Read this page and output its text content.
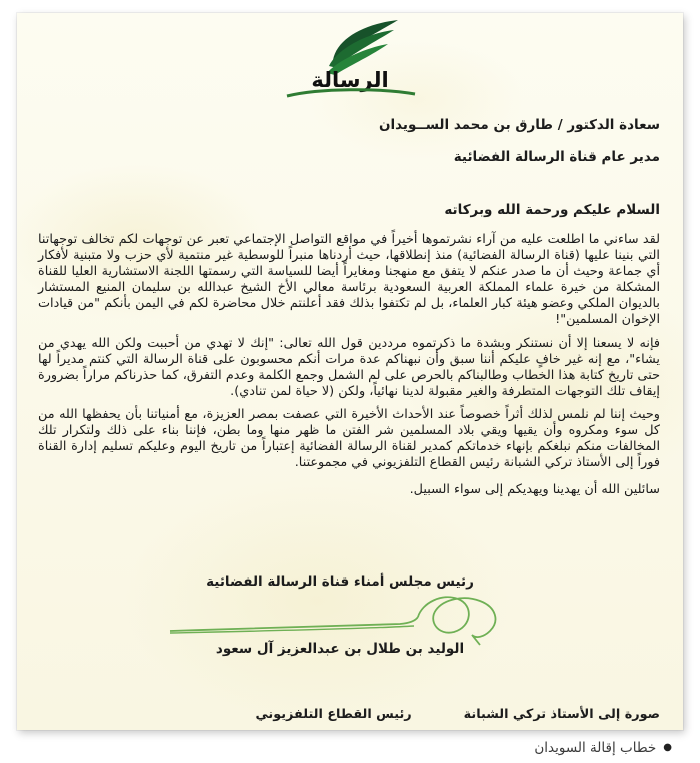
الرسالة
سعادة الدكتور / طارق بن محمد الســويدان
مدير عام قناة الرسالة الفضائية
السلام عليكم ورحمة الله وبركاته

لقد ساءني ما اطلعت عليه من آراء نشرتموها أخيراً في مواقع التواصل الإجتماعي تعبر عن توجهات لكم تخالف توجهاتنا التي بنينا عليها (قناة الرسالة الفضائية) منذ إنطلاقها، حيث أردناها منبراً للوسطية غير منتمية لأي حزب ولا متبنية لأفكار أي جماعة وحيث أن ما صدر عنكم لا يتفق مع منهجنا ومغايراً أيضا للسياسة التي رسمتها اللجنة الاستشارية العليا للقناة المشكلة من خيرة علماء المملكة العربية السعودية برئاسة معالي الأخ الشيخ عبدالله بن سليمان المنيع المستشار بالديوان الملكي وعضو هيئة كبار العلماء، بل لم تكتفوا بذلك فقد أعلنتم خلال محاضرة لكم في اليمن بأنكم "من قيادات الإخوان المسلمين"!

فإنه لا يسعنا إلا أن نستنكر وبشدة ما ذكرتموه مرددين قول الله تعالى: "إنك لا تهدي من أحببت ولكن الله يهدي من يشاء"، مع إنه غير خافٍ عليكم أننا سبق وأن نبهناكم عدة مرات أنكم محسوبون على قناة الرسالة التي كنتم مديراً لها حتى تاريخ كتابة هذا الخطاب وطالبناكم بالحرص على لم الشمل وجمع الكلمة وعدم التفرق، كما حذرناكم مراراً بضرورة إيقاف تلك التوجهات المتطرفة والغير مقبولة لدينا نهائياً، ولكن (لا حياة لمن تنادي).

وحيث إننا لم نلمس لذلك أثراً خصوصاً عند الأحداث الأخيرة التي عصفت بمصر العزيزة، مع أمنياتنا بأن يحفظها الله من كل سوء ومكروه وأن يقيها ويقي بلاد المسلمين شر الفتن ما ظهر منها وما بطن، فإننا بناء على ذلك ولتكرار تلك المخالفات منكم نبلغكم بإنهاء خدماتكم كمدير لقناة الرسالة الفضائية إعتباراً من تاريخ اليوم وعليكم تسليم إدارة القناة فوراً إلى الأستاذ تركي الشبانة رئيس القطاع التلفزيوني في مجموعتنا.

سائلين الله أن يهدينا ويهديكم إلى سواء السبيل.

رئيس مجلس أمناء قناة الرسالة الفضائية
الوليد بن طلال بن عبدالعزيز آل سعود
صورة إلى الأستاذ تركي الشبانة
رئيس القطاع التلفزيوني
●
خطاب إقالة السويدان
